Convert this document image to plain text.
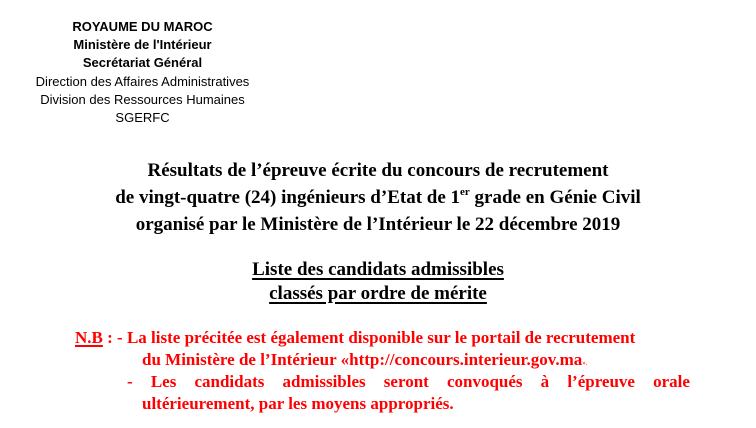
ROYAUME DU MAROC
Ministère de l'Intérieur
Secrétariat Général
Direction des Affaires Administratives
Division des Ressources Humaines
SGERFC
Résultats de l’épreuve écrite du concours de recrutement
de vingt-quatre (24) ingénieurs d’Etat de 1er grade en Génie Civil
organisé par le Ministère de l’Intérieur le 22 décembre 2019
Liste des candidats admissibles
classés par ordre de mérite
N.B : - La liste précitée est également disponible sur le portail de recrutement
du Ministère de l’Intérieur «http://concours.interieur.gov.ma».
- Les candidats admissibles seront convoqués à l’épreuve orale
ultérieurement, par les moyens appropriés.
